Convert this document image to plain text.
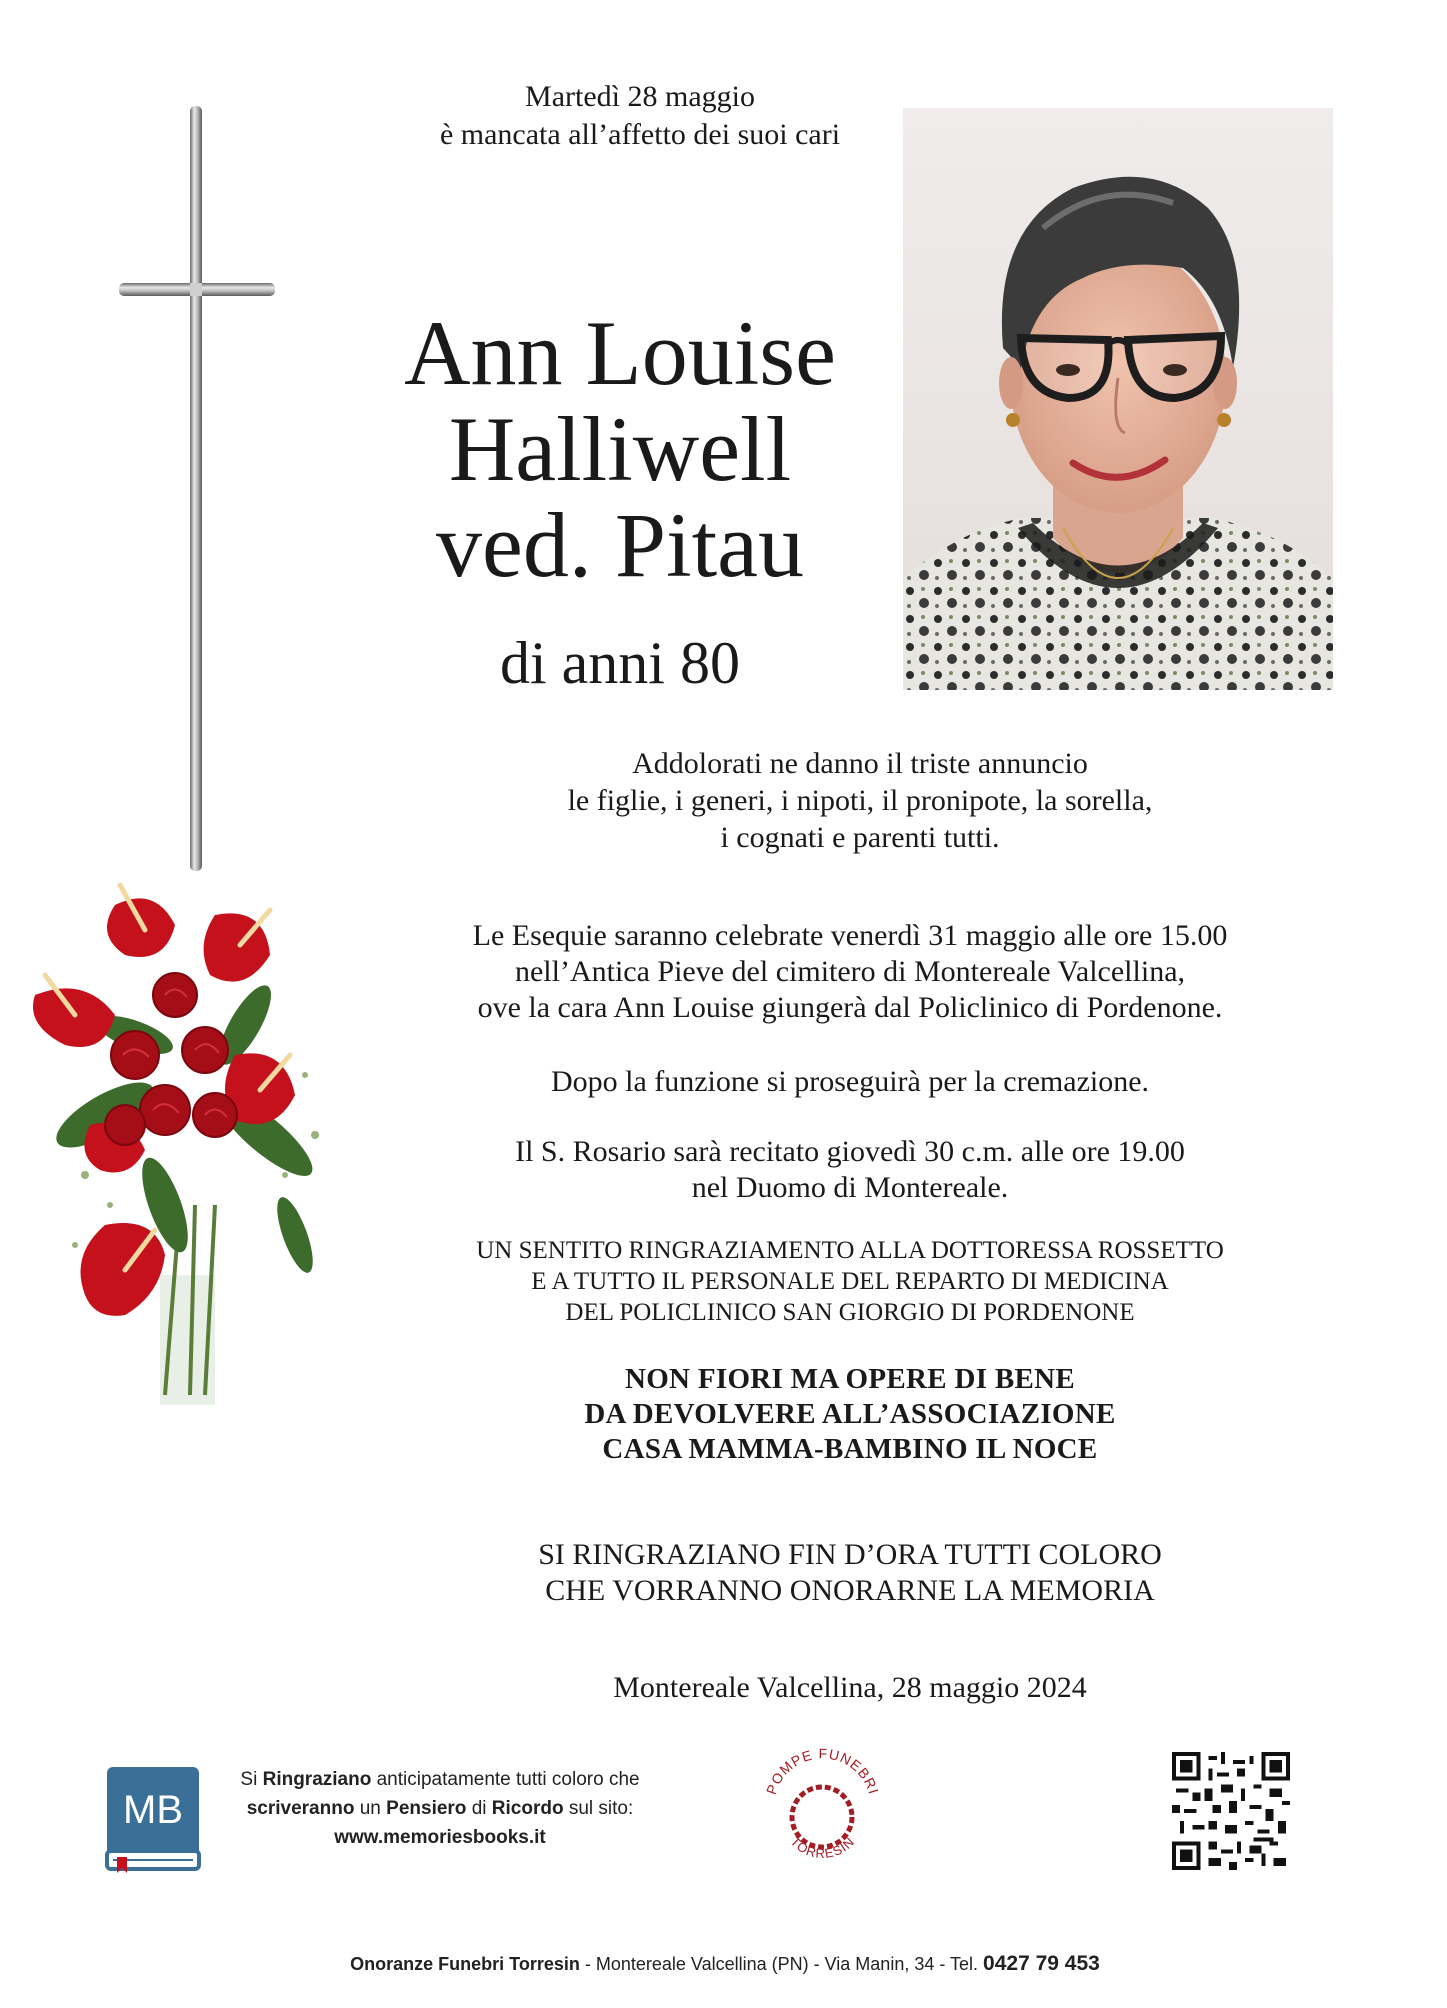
Martedì 28 maggio
è mancata all’affetto dei suoi cari
Ann Louise
Halliwell
ved. Pitau
di anni 80
Addolorati ne danno il triste annuncio
le figlie, i generi, i nipoti, il pronipote, la sorella,
i cognati e parenti tutti.
Le Esequie saranno celebrate venerdì 31 maggio alle ore 15.00
nell’Antica Pieve del cimitero di Montereale Valcellina,
ove la cara Ann Louise giungerà dal Policlinico di Pordenone.
Dopo la funzione si proseguirà per la cremazione.
Il S. Rosario sarà recitato giovedì 30 c.m. alle ore 19.00
nel Duomo di Montereale.
UN SENTITO RINGRAZIAMENTO ALLA DOTTORESSA ROSSETTO
E A TUTTO IL PERSONALE DEL REPARTO DI MEDICINA
DEL POLICLINICO SAN GIORGIO DI PORDENONE
NON FIORI MA OPERE DI BENE
DA DEVOLVERE ALL’ASSOCIAZIONE
CASA MAMMA-BAMBINO IL NOCE
SI RINGRAZIANO FIN D’ORA TUTTI COLORO
CHE VORRANNO ONORARNE LA MEMORIA
Montereale Valcellina, 28 maggio 2024
MB
Si Ringraziano anticipatamente tutti coloro che
scriveranno un Pensiero di Ricordo sul sito:
www.memoriesbooks.it
POMPE FUNEBRI
TORRESIN
Onoranze Funebri Torresin - Montereale Valcellina (PN) - Via Manin, 34 - Tel. 0427 79 453
